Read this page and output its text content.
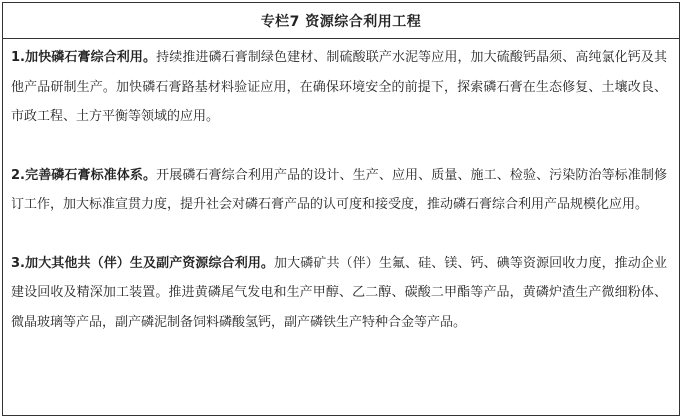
专栏7 资源综合利用工程

1.加快磷石膏综合利用。持续推进磷石膏制绿色建材、制硫酸联产水泥等应用，加大硫酸钙晶须、高纯氯化钙及其他产品研制生产。加快磷石膏路基材料验证应用，在确保环境安全的前提下，探索磷石膏在生态修复、土壤改良、市政工程、土方平衡等领域的应用。

2.完善磷石膏标准体系。开展磷石膏综合利用产品的设计、生产、应用、质量、施工、检验、污染防治等标准制修订工作，加大标准宣贯力度，提升社会对磷石膏产品的认可度和接受度，推动磷石膏综合利用产品规模化应用。

3.加大其他共（伴）生及副产资源综合利用。加大磷矿共（伴）生氟、硅、镁、钙、碘等资源回收力度，推动企业建设回收及精深加工装置。推进黄磷尾气发电和生产甲醇、乙二醇、碳酸二甲酯等产品，黄磷炉渣生产微细粉体、微晶玻璃等产品，副产磷泥制备饲料磷酸氢钙，副产磷铁生产特种合金等产品。
